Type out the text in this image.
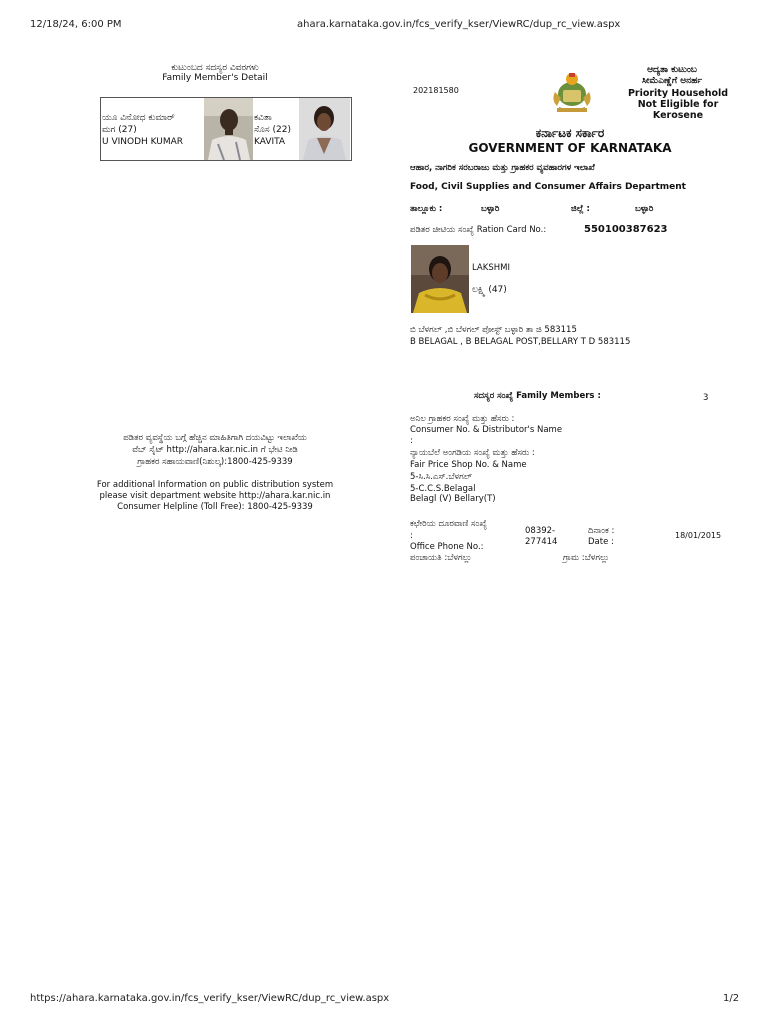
12/18/24, 6:00 PM	ahara.karnataka.gov.in/fcs_verify_kser/ViewRC/dup_rc_view.aspx
ಕುಟುಂಬದ ಸದಸ್ಯರ ವಿವರಗಳು
Family Member's Detail
ಯೂ ವಿನೋಧ ಕುಮಾರ್
ಮಗ (27)
U VINODH KUMAR
ಕವಿತಾ
ಸೊಸ (22)
KAVITA
ಪಡಿತರ ವ್ಯವಸ್ಥೆಯ ಬಗ್ಗೆ ಹೆಚ್ಚಿನ ಮಾಹಿತಿಗಾಗಿ ದಯವಿಟ್ಟು ಇಲಾಖೆಯ
ವೆಬ್ ಸೈಟ್ http://ahara.kar.nic.in ಗೆ ಭೇಟಿ ನೀಡಿ
ಗ್ರಾಹಕರ ಸಹಾಯವಾಣಿ(ನಿಶುಲ್ಕ):1800-425-9339
For additional Information on public distribution system
please visit department website http://ahara.kar.nic.in
Consumer Helpline (Toll Free): 1800-425-9339
202181580
ಆದ್ಯತಾ ಕುಟುಂಬ
ಸೀಮೆಎಣ್ಣೆಗೆ ಅನರ್ಹ
Priority Household
Not Eligible for
Kerosene
ಕರ್ನಾಟಕ ಸರ್ಕಾರ
GOVERNMENT OF KARNATAKA
ಆಹಾರ, ನಾಗರಿಕ ಸರಬರಾಜು ಮತ್ತು ಗ್ರಾಹಕರ ವ್ಯವಹಾರಗಳ ಇಲಾಖೆ
Food, Civil Supplies and Consumer Affairs Department
ತಾಲ್ಲೂಕು :	ಬಳ್ಳಾರಿ	ಜಿಲ್ಲೆ :	ಬಳ್ಳಾರಿ
ಪಡಿತರ ಚೀಟಿಯ ಸಂಖ್ಯೆ Ration Card No.:	550100387623
LAKSHMI
ಲಕ್ಷ್ಮಿ (47)
ಬಿ ಬೆಳಗಲ್ ,ಬಿ ಬೆಳಗಲ್ ಪೋಸ್ಟ್ ಬಳ್ಳಾರಿ ತಾ ಜಿ 583115
B BELAGAL , B BELAGAL POST,BELLARY T D 583115
ಸದಸ್ಯರ ಸಂಖ್ಯೆ Family Members :	3
ಅನಿಲ ಗ್ರಾಹಕರ ಸಂಖ್ಯೆ ಮತ್ತು ಹೆಸರು :
Consumer No. & Distributor's Name
:
ನ್ಯಾಯಬೆಲೆ ಅಂಗಡಿಯ ಸಂಖ್ಯೆ ಮತ್ತು ಹೆಸರು :
Fair Price Shop No. & Name
5-ಸಿ.ಸಿ.ಎಸ್.ಬೆಳಗಲ್
5-C.C.S.Belagal
Belagl (V) Bellary(T)
ಕಛೇರಿಯ ದೂರವಾಣಿ ಸಂಖ್ಯೆ
:
Office Phone No.:
08392-
277414
ದಿನಾಂಕ :
Date :
18/01/2015
ಪಂಚಾಯತಿ :ಬೆಳಗಲ್ಲು	ಗ್ರಾಮ :ಬೆಳಗಲ್ಲು
https://ahara.karnataka.gov.in/fcs_verify_kser/ViewRC/dup_rc_view.aspx	1/2
